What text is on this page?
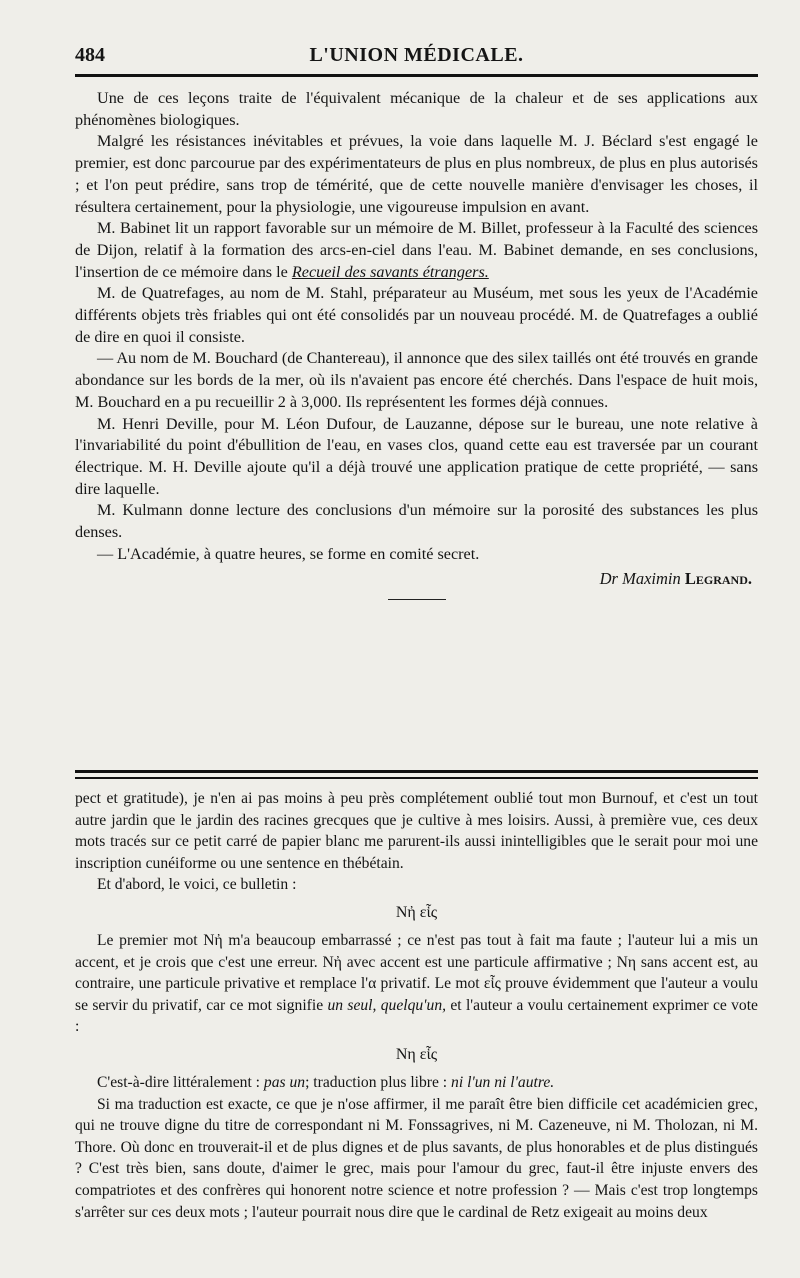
484	L'UNION MÉDICALE.

Une de ces leçons traite de l'équivalent mécanique de la chaleur et de ses applications aux phénomènes biologiques.

Malgré les résistances inévitables et prévues, la voie dans laquelle M. J. Béclard s'est engagé le premier, est donc parcourue par des expérimentateurs de plus en plus nombreux, de plus en plus autorisés ; et l'on peut prédire, sans trop de témérité, que de cette nouvelle manière d'envisager les choses, il résultera certainement, pour la physiologie, une vigoureuse impulsion en avant.

M. Babinet lit un rapport favorable sur un mémoire de M. Billet, professeur à la Faculté des sciences de Dijon, relatif à la formation des arcs-en-ciel dans l'eau. M. Babinet demande, en ses conclusions, l'insertion de ce mémoire dans le Recueil des savants étrangers.

M. de Quatrefages, au nom de M. Stahl, préparateur au Muséum, met sous les yeux de l'Académie différents objets très friables qui ont été consolidés par un nouveau procédé. M. de Quatrefages a oublié de dire en quoi il consiste.

— Au nom de M. Bouchard (de Chantereau), il annonce que des silex taillés ont été trouvés en grande abondance sur les bords de la mer, où ils n'avaient pas encore été cherchés. Dans l'espace de huit mois, M. Bouchard en a pu recueillir 2 à 3,000. Ils représentent les formes déjà connues.

M. Henri Deville, pour M. Léon Dufour, de Lauzanne, dépose sur le bureau, une note relative à l'invariabilité du point d'ébullition de l'eau, en vases clos, quand cette eau est traversée par un courant électrique. M. H. Deville ajoute qu'il a déjà trouvé une application pratique de cette propriété, — sans dire laquelle.

M. Kulmann donne lecture des conclusions d'un mémoire sur la porosité des substances les plus denses.

— L'Académie, à quatre heures, se forme en comité secret.

Dr Maximin Legrand.

pect et gratitude), je n'en ai pas moins à peu près complétement oublié tout mon Burnouf, et c'est un tout autre jardin que le jardin des racines grecques que je cultive à mes loisirs. Aussi, à première vue, ces deux mots tracés sur ce petit carré de papier blanc me parurent-ils aussi inintelligibles que le serait pour moi une inscription cunéiforme ou une sentence en thébétain.

Et d'abord, le voici, ce bulletin :

Nἠ εἷς

Le premier mot Nἠ m'a beaucoup embarrassé ; ce n'est pas tout à fait ma faute ; l'auteur lui a mis un accent, et je crois que c'est une erreur. Nἠ avec accent est une particule affirmative ; Nη sans accent est, au contraire, une particule privative et remplace l'α privatif. Le mot εἷς prouve évidemment que l'auteur a voulu se servir du privatif, car ce mot signifie un seul, quelqu'un, et l'auteur a voulu certainement exprimer ce vote :

Nη εἷς

C'est-à-dire littéralement : pas un; traduction plus libre : ni l'un ni l'autre.

Si ma traduction est exacte, ce que je n'ose affirmer, il me paraît être bien difficile cet académicien grec, qui ne trouve digne du titre de correspondant ni M. Fonssagrives, ni M. Cazeneuve, ni M. Tholozan, ni M. Thore. Où donc en trouverait-il et de plus dignes et de plus savants, de plus honorables et de plus distingués ? C'est très bien, sans doute, d'aimer le grec, mais pour l'amour du grec, faut-il être injuste envers des compatriotes et des confrères qui honorent notre science et notre profession ? — Mais c'est trop longtemps s'arrêter sur ces deux mots ; l'auteur pourrait nous dire que le cardinal de Retz exigeait au moins deux
